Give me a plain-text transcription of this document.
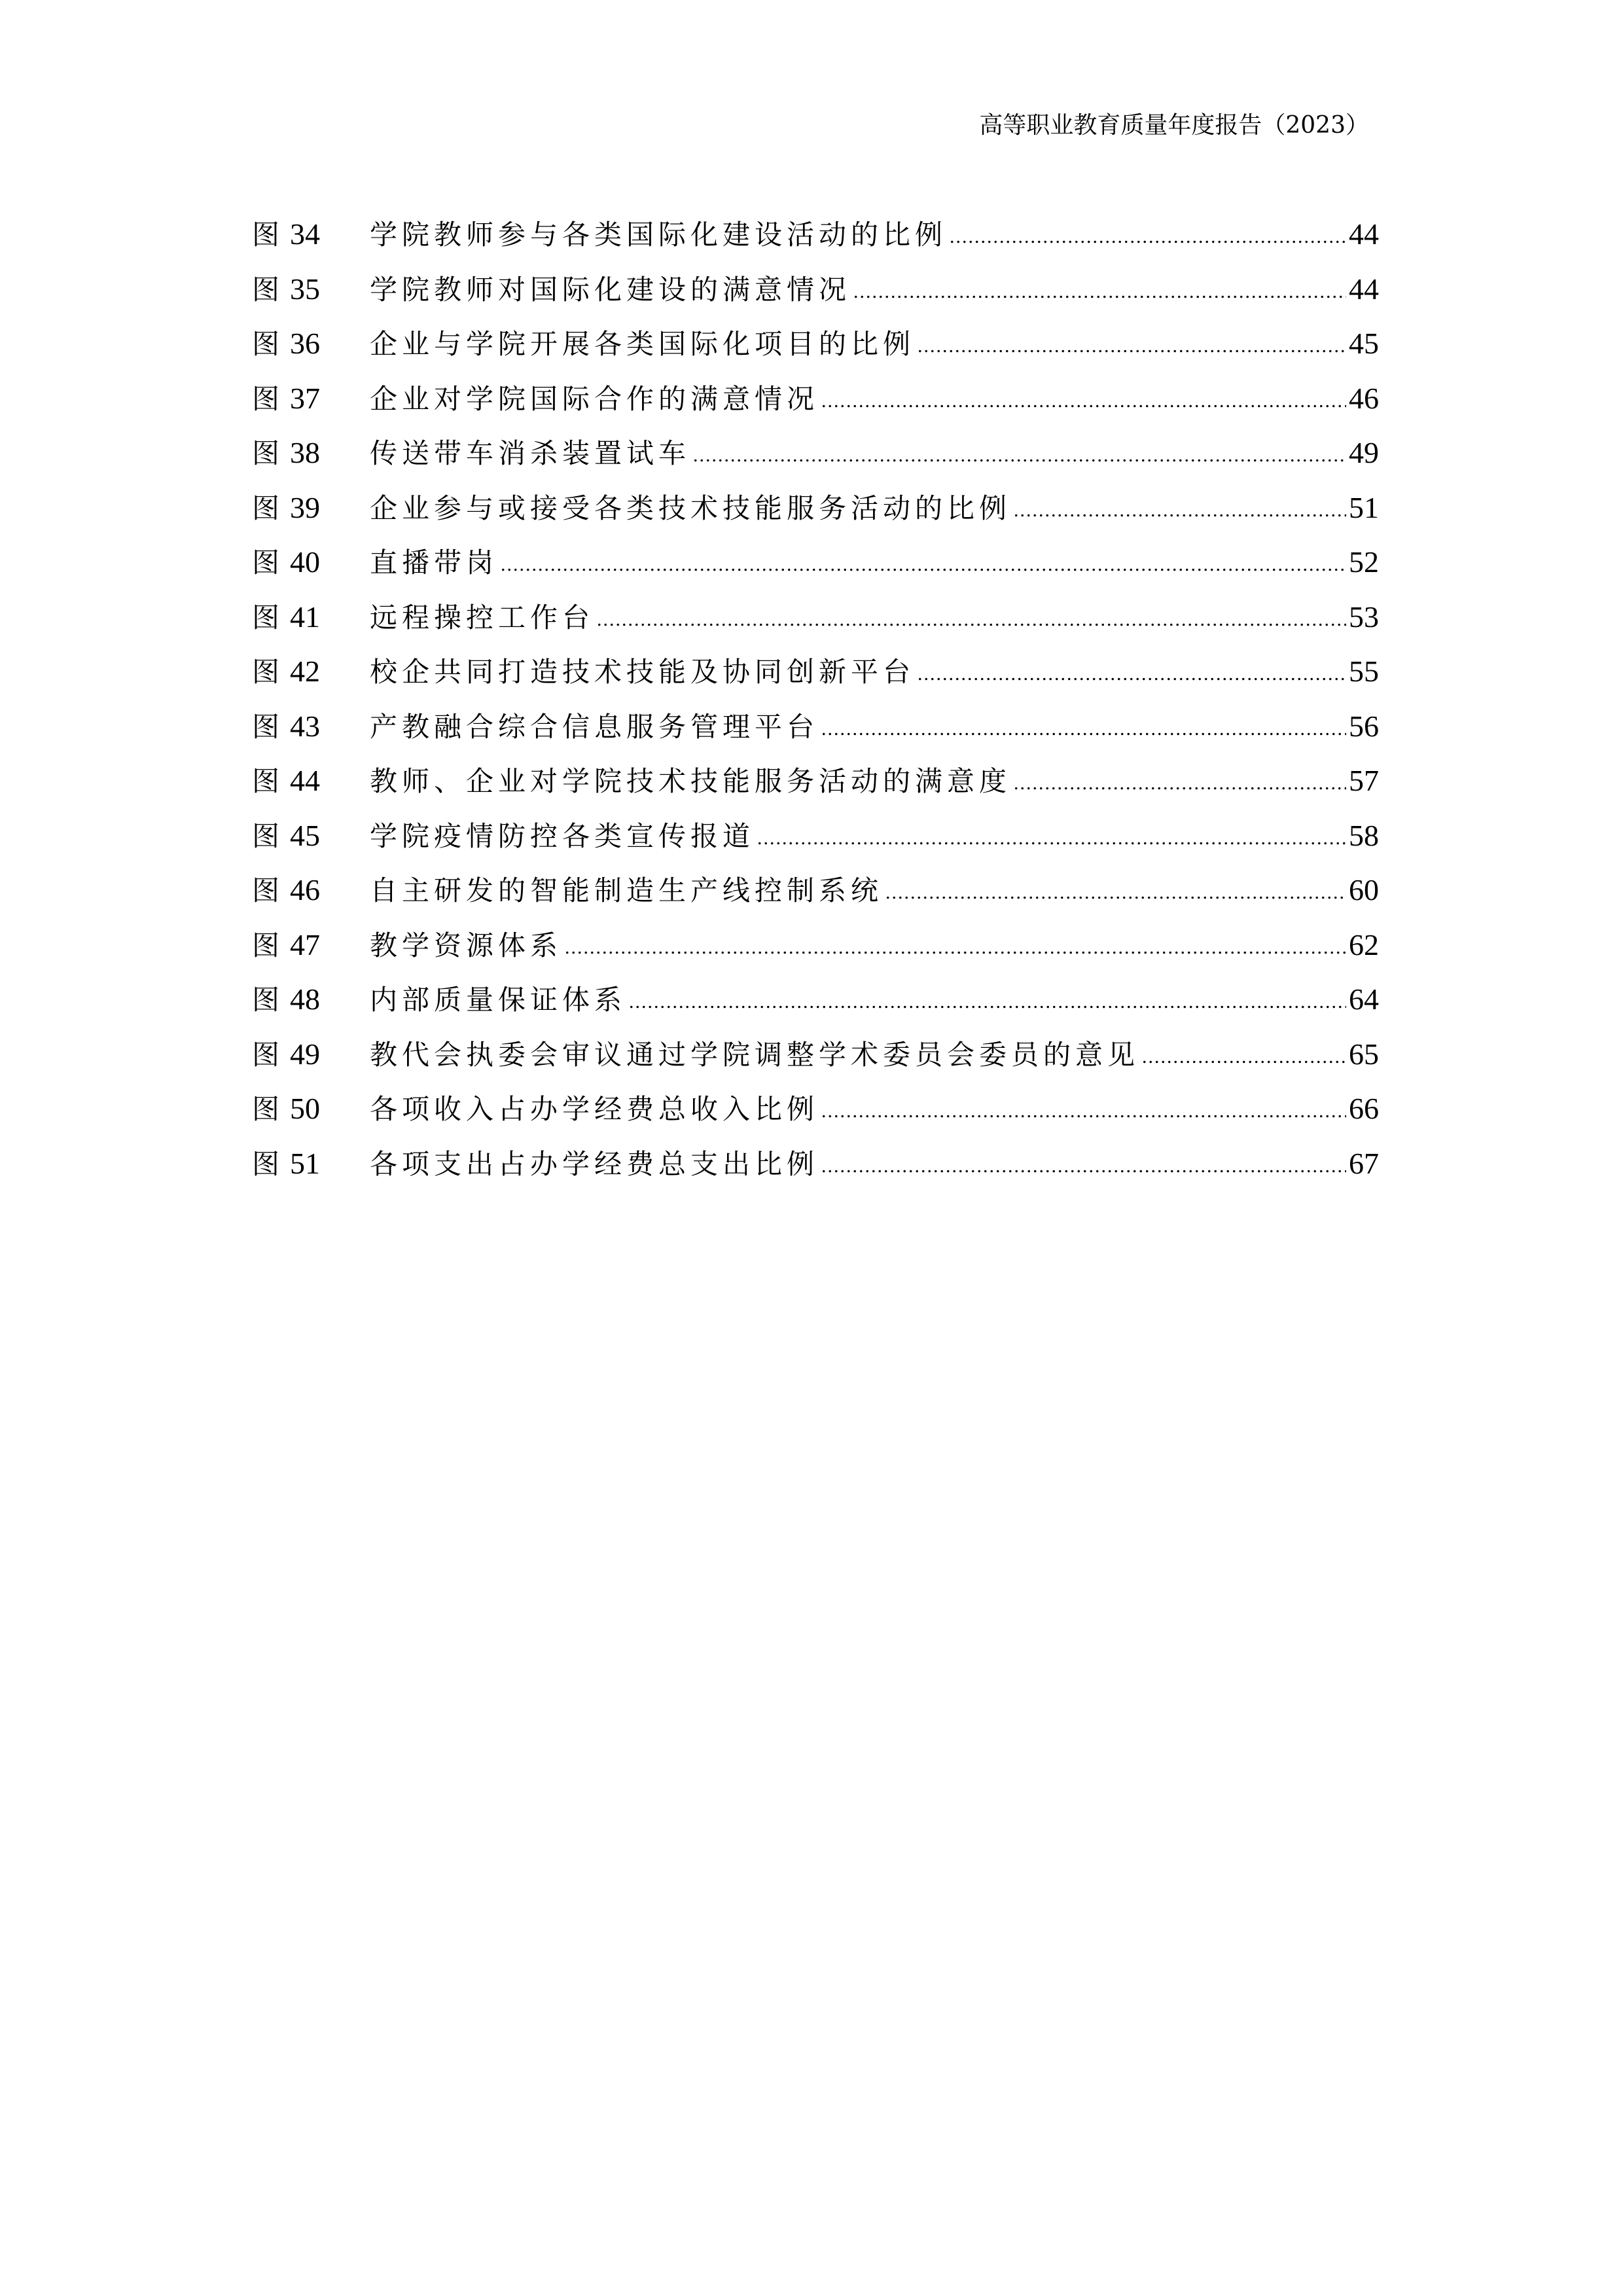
高等职业教育质量年度报告（2023）
图 34	学院教师参与各类国际化建设活动的比例 .....	44
图 35	学院教师对国际化建设的满意情况 .....	44
图 36	企业与学院开展各类国际化项目的比例 .....	45
图 37	企业对学院国际合作的满意情况 .....	46
图 38	传送带车消杀装置试车 .....	49
图 39	企业参与或接受各类技术技能服务活动的比例 .....	51
图 40	直播带岗 .....	52
图 41	远程操控工作台 .....	53
图 42	校企共同打造技术技能及协同创新平台 .....	55
图 43	产教融合综合信息服务管理平台 .....	56
图 44	教师、企业对学院技术技能服务活动的满意度 .....	57
图 45	学院疫情防控各类宣传报道 .....	58
图 46	自主研发的智能制造生产线控制系统 .....	60
图 47	教学资源体系 .....	62
图 48	内部质量保证体系 .....	64
图 49	教代会执委会审议通过学院调整学术委员会委员的意见 .....	65
图 50	各项收入占办学经费总收入比例 .....	66
图 51	各项支出占办学经费总支出比例 .....	67
